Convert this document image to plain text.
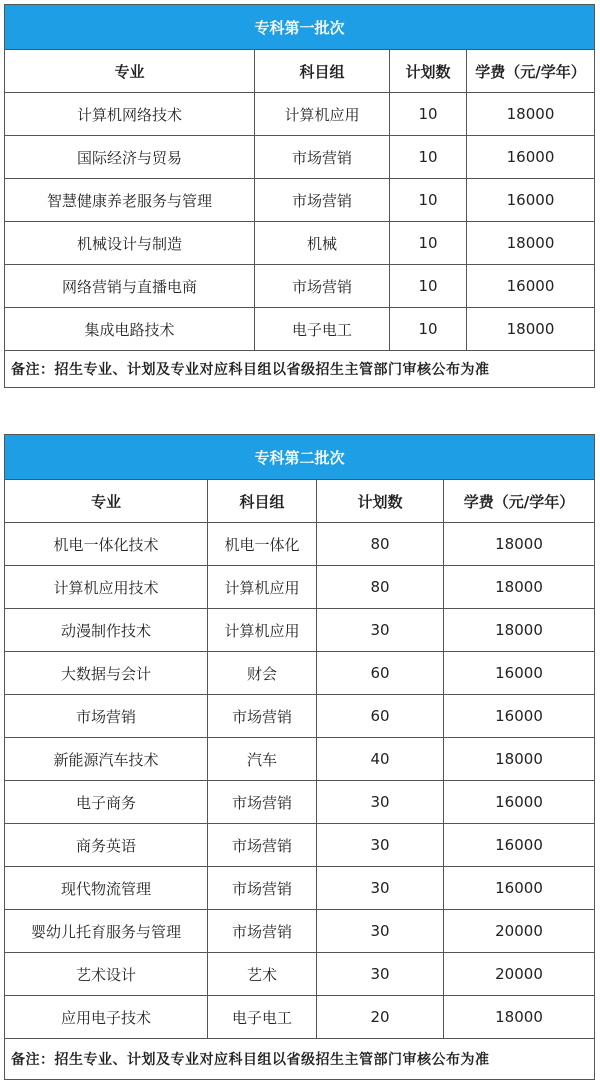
专科第一批次			
专业	科目组	计划数	学费（元/学年）
计算机网络技术	计算机应用	10	18000
国际经济与贸易	市场营销	10	16000
智慧健康养老服务与管理	市场营销	10	16000
机械设计与制造	机械	10	18000
网络营销与直播电商	市场营销	10	16000
集成电路技术	电子电工	10	18000
备注：招生专业、计划及专业对应科目组以省级招生主管部门审核公布为准			
专科第二批次			
专业	科目组	计划数	学费（元/学年）
机电一体化技术	机电一体化	80	18000
计算机应用技术	计算机应用	80	18000
动漫制作技术	计算机应用	30	18000
大数据与会计	财会	60	16000
市场营销	市场营销	60	16000
新能源汽车技术	汽车	40	18000
电子商务	市场营销	30	16000
商务英语	市场营销	30	16000
现代物流管理	市场营销	30	16000
婴幼儿托育服务与管理	市场营销	30	20000
艺术设计	艺术	30	20000
应用电子技术	电子电工	20	18000
备注：招生专业、计划及专业对应科目组以省级招生主管部门审核公布为准			
